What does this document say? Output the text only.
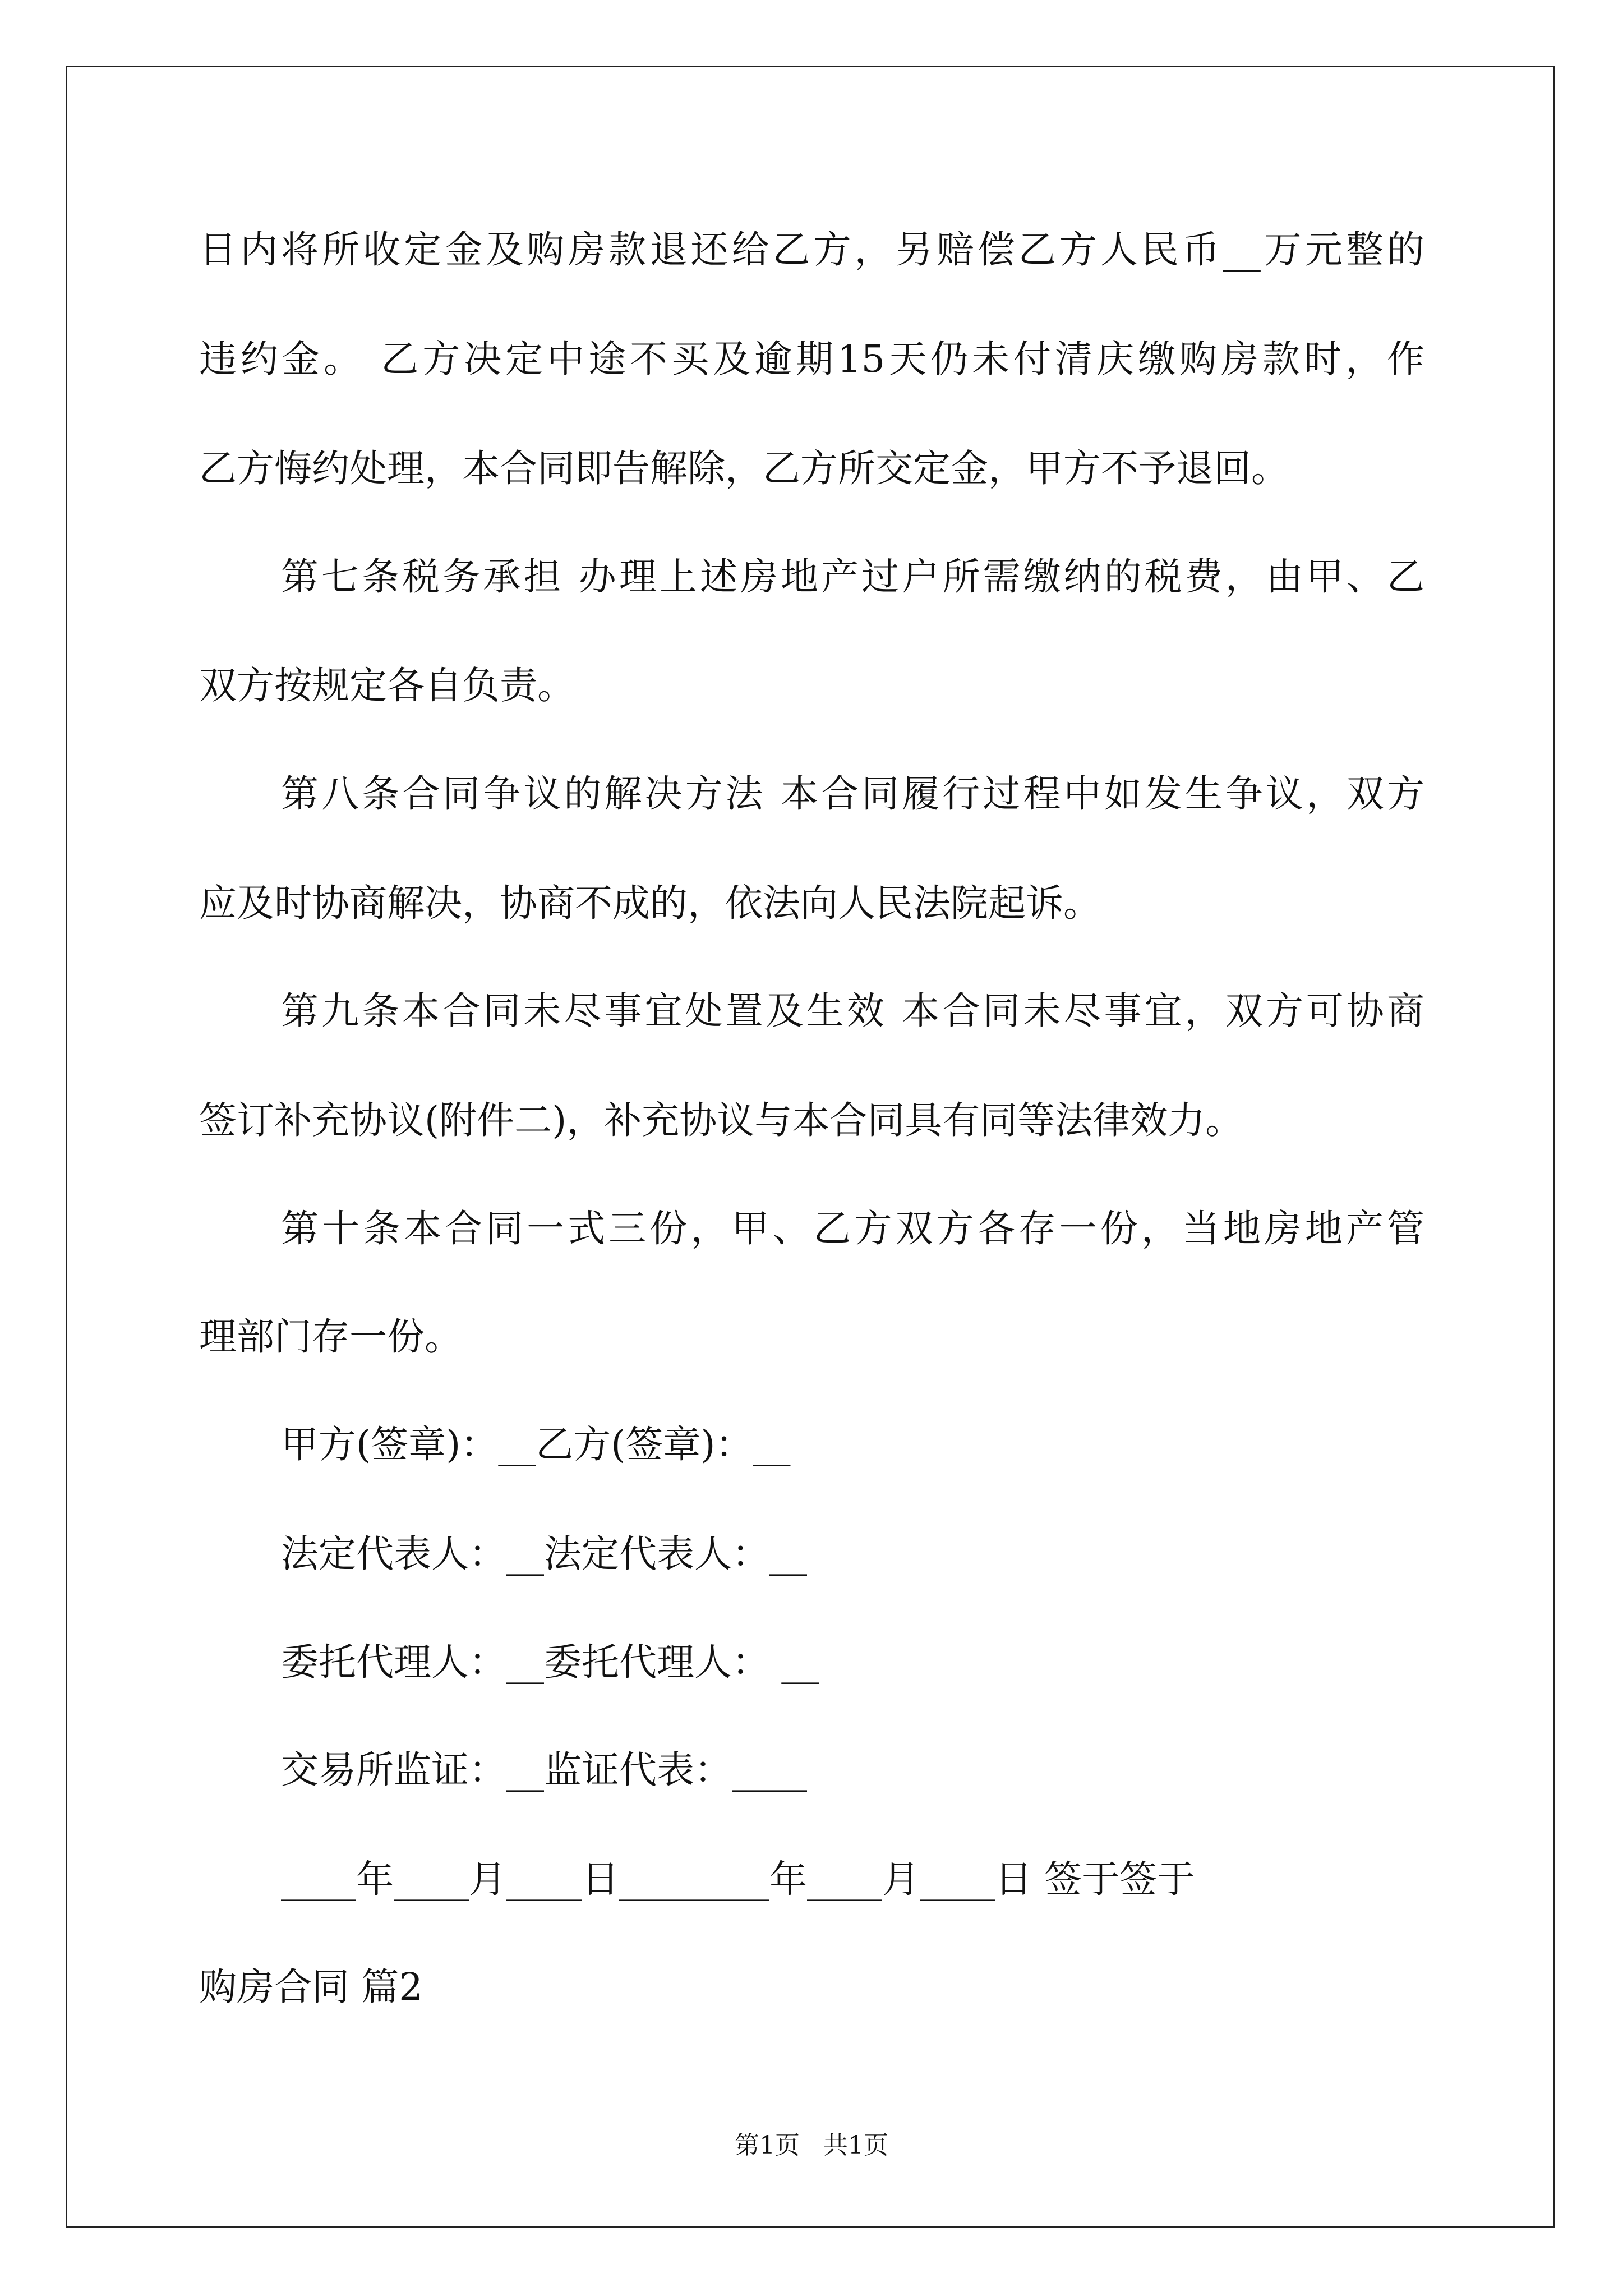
日内将所收定金及购房款退还给乙方，另赔偿乙方人民币__万元整的
违约金。 乙方决定中途不买及逾期15天仍未付清庆缴购房款时，作
乙方悔约处理，本合同即告解除，乙方所交定金，甲方不予退回。
第七条税务承担 办理上述房地产过户所需缴纳的税费，由甲、乙
双方按规定各自负责。
第八条合同争议的解决方法 本合同履行过程中如发生争议，双方
应及时协商解决，协商不成的，依法向人民法院起诉。
第九条本合同未尽事宜处置及生效 本合同未尽事宜，双方可协商
签订补充协议(附件二)，补充协议与本合同具有同等法律效力。
第十条本合同一式三份，甲、乙方双方各存一份，当地房地产管
理部门存一份。
甲方(签章)：__乙方(签章)：__
法定代表人：__法定代表人：__
委托代理人：__委托代理人： __
交易所监证：__监证代表：____
____年____月____日________年____月____日 签于签于
购房合同 篇2
第1页   共1页
